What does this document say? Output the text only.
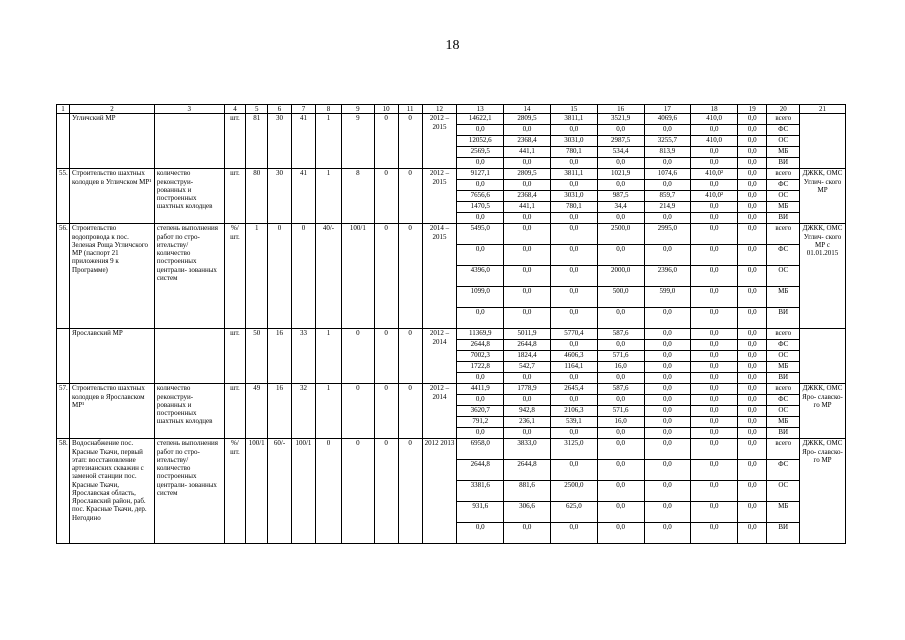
18
1	2	3	4	5	6	7	8	9	10	11	12	13	14	15	16	17	18	19	20	21
	Угличский МР		шт.	81	30	41	1	9	0	0	2012 – 2015	14622,1	2809,5	3811,1	3521,9	4069,6	410,0	0,0	всего	
												0,0	0,0	0,0	0,0	0,0	0,0	0,0	ФС	
												12052,6	2368,4	3031,0	2987,5	3255,7	410,0	0,0	ОС	
												2569,5	441,1	780,1	534,4	813,9	0,0	0,0	МБ	
												0,0	0,0	0,0	0,0	0,0	0,0	0,0	ВИ	
55.	Строительство шахтных колодцев в Угличском МР¹	количество реконструи- рованных и построенных шахтных колодцев	шт.	80	30	41	1	8	0	0	2012 – 2015	9127,1	2809,5	3811,1	1021,9	1074,6	410,0²	0,0	всего	ДЖКК, ОМС Углич- ского МР
												0,0	0,0	0,0	0,0	0,0	0,0	0,0	ФС	
												7656,6	2368,4	3031,0	987,5	859,7	410,0²	0,0	ОС	
												1470,5	441,1	780,1	34,4	214,9	0,0	0,0	МБ	
												0,0	0,0	0,0	0,0	0,0	0,0	0,0	ВИ	
56.	Строительство водопровода к пос. Зеленая Роща Угличского МР (паспорт 21 приложения 9 к Программе)	степень выполнения работ по стро- ительству/ количество построенных централи- зованных систем	%/ шт.	1	0	0	40/-	100/1	0	0	2014 – 2015	5495,0	0,0	0,0	2500,0	2995,0	0,0	0,0	всего	ДЖКК, ОМС Углич- ского МР с 01.01.2015
												0,0	0,0	0,0	0,0	0,0	0,0	0,0	ФС	
												4396,0	0,0	0,0	2000,0	2396,0	0,0	0,0	ОС	
												1099,0	0,0	0,0	500,0	599,0	0,0	0,0	МБ	
												0,0	0,0	0,0	0,0	0,0	0,0	0,0	ВИ	
	Ярославский МР		шт.	50	16	33	1	0	0	0	2012 – 2014	11369,9	5011,9	5770,4	587,6	0,0	0,0	0,0	всего	
												2644,8	2644,8	0,0	0,0	0,0	0,0	0,0	ФС	
												7002,3	1824,4	4606,3	571,6	0,0	0,0	0,0	ОС	
												1722,8	542,7	1164,1	16,0	0,0	0,0	0,0	МБ	
												0,0	0,0	0,0	0,0	0,0	0,0	0,0	ВИ	
57.	Строительство шахтных колодцев в Ярославском МР¹	количество реконструи- рованных и построенных шахтных колодцев	шт.	49	16	32	1	0	0	0	2012 – 2014	4411,9	1778,9	2645,4	587,6	0,0	0,0	0,0	всего	ДЖКК, ОМС Яро- славско- го МР
												0,0	0,0	0,0	0,0	0,0	0,0	0,0	ФС	
												3620,7	942,8	2106,3	571,6	0,0	0,0	0,0	ОС	
												791,2	236,1	539,1	16,0	0,0	0,0	0,0	МБ	
												0,0	0,0	0,0	0,0	0,0	0,0	0,0	ВИ	
58.	Водоснабжение пос. Красные Ткачи, первый этап: восстановление артезианских скважин с заменой станции пос. Красные Ткачи, Ярославская область, Ярославский район, раб. пос. Красные Ткачи, дер. Негодино	степень выполнения работ по стро- ительству/ количество построенных централи- зованных систем	%/ шт.	100/1	60/-	100/1	0	0	0	0	2012 2013	6958,0	3833,0	3125,0	0,0	0,0	0,0	0,0	всего	ДЖКК, ОМС Яро- славско- го МР
												2644,8	2644,8	0,0	0,0	0,0	0,0	0,0	ФС	
												3381,6	881,6	2500,0	0,0	0,0	0,0	0,0	ОС	
												931,6	306,6	625,0	0,0	0,0	0,0	0,0	МБ	
												0,0	0,0	0,0	0,0	0,0	0,0	0,0	ВИ	
